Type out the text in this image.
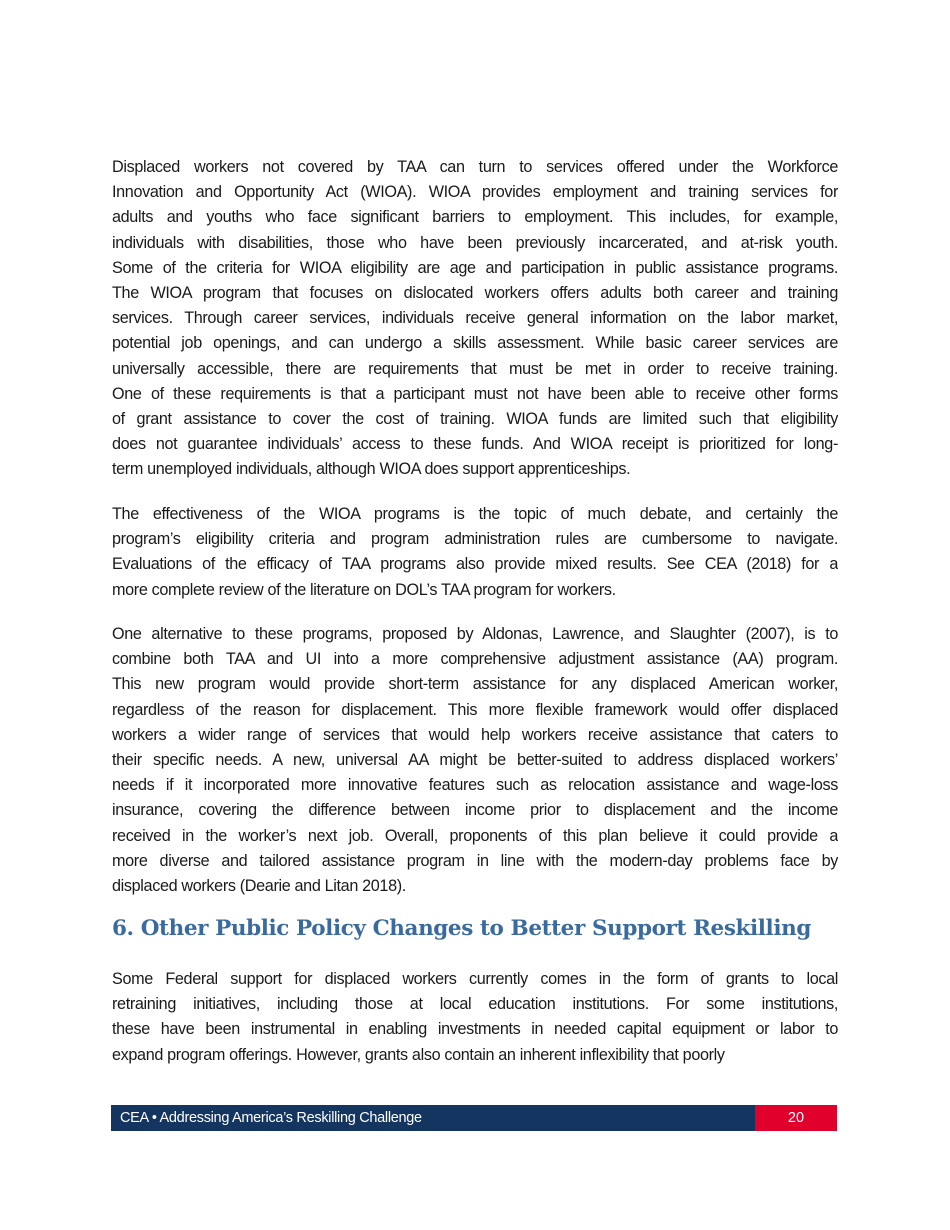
Displaced workers not covered by TAA can turn to services offered under the Workforce
Innovation and Opportunity Act (WIOA). WIOA provides employment and training services for
adults and youths who face significant barriers to employment. This includes, for example,
individuals with disabilities, those who have been previously incarcerated, and at-risk youth.
Some of the criteria for WIOA eligibility are age and participation in public assistance programs.
The WIOA program that focuses on dislocated workers offers adults both career and training
services. Through career services, individuals receive general information on the labor market,
potential job openings, and can undergo a skills assessment. While basic career services are
universally accessible, there are requirements that must be met in order to receive training.
One of these requirements is that a participant must not have been able to receive other forms
of grant assistance to cover the cost of training. WIOA funds are limited such that eligibility
does not guarantee individuals’ access to these funds. And WIOA receipt is prioritized for long-
term unemployed individuals, although WIOA does support apprenticeships.
The effectiveness of the WIOA programs is the topic of much debate, and certainly the
program’s eligibility criteria and program administration rules are cumbersome to navigate.
Evaluations of the efficacy of TAA programs also provide mixed results. See CEA (2018) for a
more complete review of the literature on DOL’s TAA program for workers.
One alternative to these programs, proposed by Aldonas, Lawrence, and Slaughter (2007), is to
combine both TAA and UI into a more comprehensive adjustment assistance (AA) program.
This new program would provide short-term assistance for any displaced American worker,
regardless of the reason for displacement. This more flexible framework would offer displaced
workers a wider range of services that would help workers receive assistance that caters to
their specific needs. A new, universal AA might be better-suited to address displaced workers’
needs if it incorporated more innovative features such as relocation assistance and wage-loss
insurance, covering the difference between income prior to displacement and the income
received in the worker’s next job. Overall, proponents of this plan believe it could provide a
more diverse and tailored assistance program in line with the modern-day problems face by
displaced workers (Dearie and Litan 2018).
6. Other Public Policy Changes to Better Support Reskilling
Some Federal support for displaced workers currently comes in the form of grants to local
retraining initiatives, including those at local education institutions. For some institutions,
these have been instrumental in enabling investments in needed capital equipment or labor to
expand program offerings. However, grants also contain an inherent inflexibility that poorly
CEA • Addressing America’s Reskilling Challenge	20
